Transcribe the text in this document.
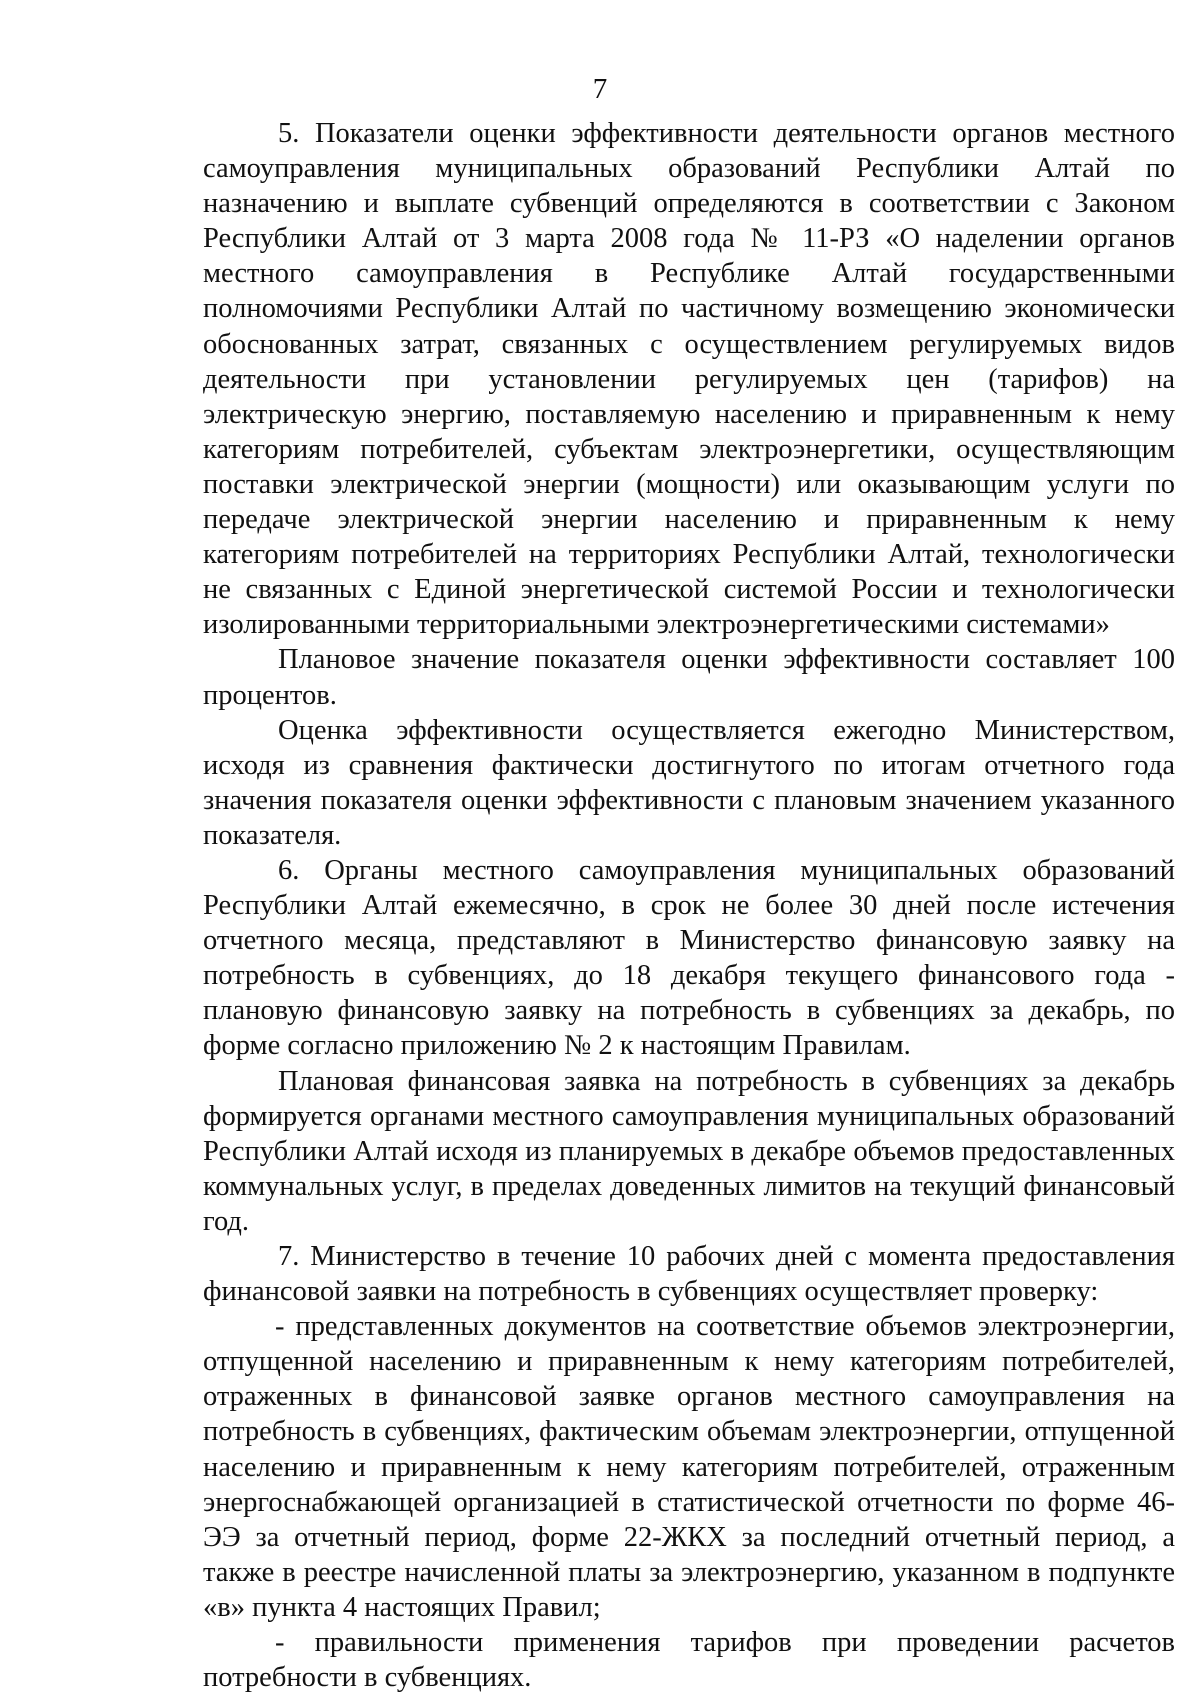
7

5. Показатели оценки эффективности деятельности органов местного самоуправления муниципальных образований Республики Алтай по назначению и выплате субвенций определяются в соответствии с Законом Республики Алтай от 3 марта 2008 года № 11-РЗ «О наделении органов местного самоуправления в Республике Алтай государственными полномочиями Республики Алтай по частичному возмещению экономически обоснованных затрат, связанных с осуществлением регулируемых видов деятельности при установлении регулируемых цен (тарифов) на электрическую энергию, поставляемую населению и приравненным к нему категориям потребителей, субъектам электроэнергетики, осуществляющим поставки электрической энергии (мощности) или оказывающим услуги по передаче электрической энергии населению и приравненным к нему категориям потребителей на территориях Республики Алтай, технологически не связанных с Единой энергетической системой России и технологически изолированными территориальными электроэнергетическими системами»

Плановое значение показателя оценки эффективности составляет 100 процентов.

Оценка эффективности осуществляется ежегодно Министерством, исходя из сравнения фактически достигнутого по итогам отчетного года значения показателя оценки эффективности с плановым значением указанного показателя.

6. Органы местного самоуправления муниципальных образований Республики Алтай ежемесячно, в срок не более 30 дней после истечения отчетного месяца, представляют в Министерство финансовую заявку на потребность в субвенциях, до 18 декабря текущего финансового года - плановую финансовую заявку на потребность в субвенциях за декабрь, по форме согласно приложению № 2 к настоящим Правилам.

Плановая финансовая заявка на потребность в субвенциях за декабрь формируется органами местного самоуправления муниципальных образований Республики Алтай исходя из планируемых в декабре объемов предоставленных коммунальных услуг, в пределах доведенных лимитов на текущий финансовый год.

7. Министерство в течение 10 рабочих дней с момента предоставления финансовой заявки на потребность в субвенциях осуществляет проверку:

- представленных документов на соответствие объемов электроэнергии, отпущенной населению и приравненным к нему категориям потребителей, отраженных в финансовой заявке органов местного самоуправления на потребность в субвенциях, фактическим объемам электроэнергии, отпущенной населению и приравненным к нему категориям потребителей, отраженным энергоснабжающей организацией в статистической отчетности по форме 46-ЭЭ за отчетный период, форме 22-ЖКХ за последний отчетный период, а также в реестре начисленной платы за электроэнергию, указанном в подпункте «в» пункта 4 настоящих Правил;

- правильности применения тарифов при проведении расчетов потребности в субвенциях.
